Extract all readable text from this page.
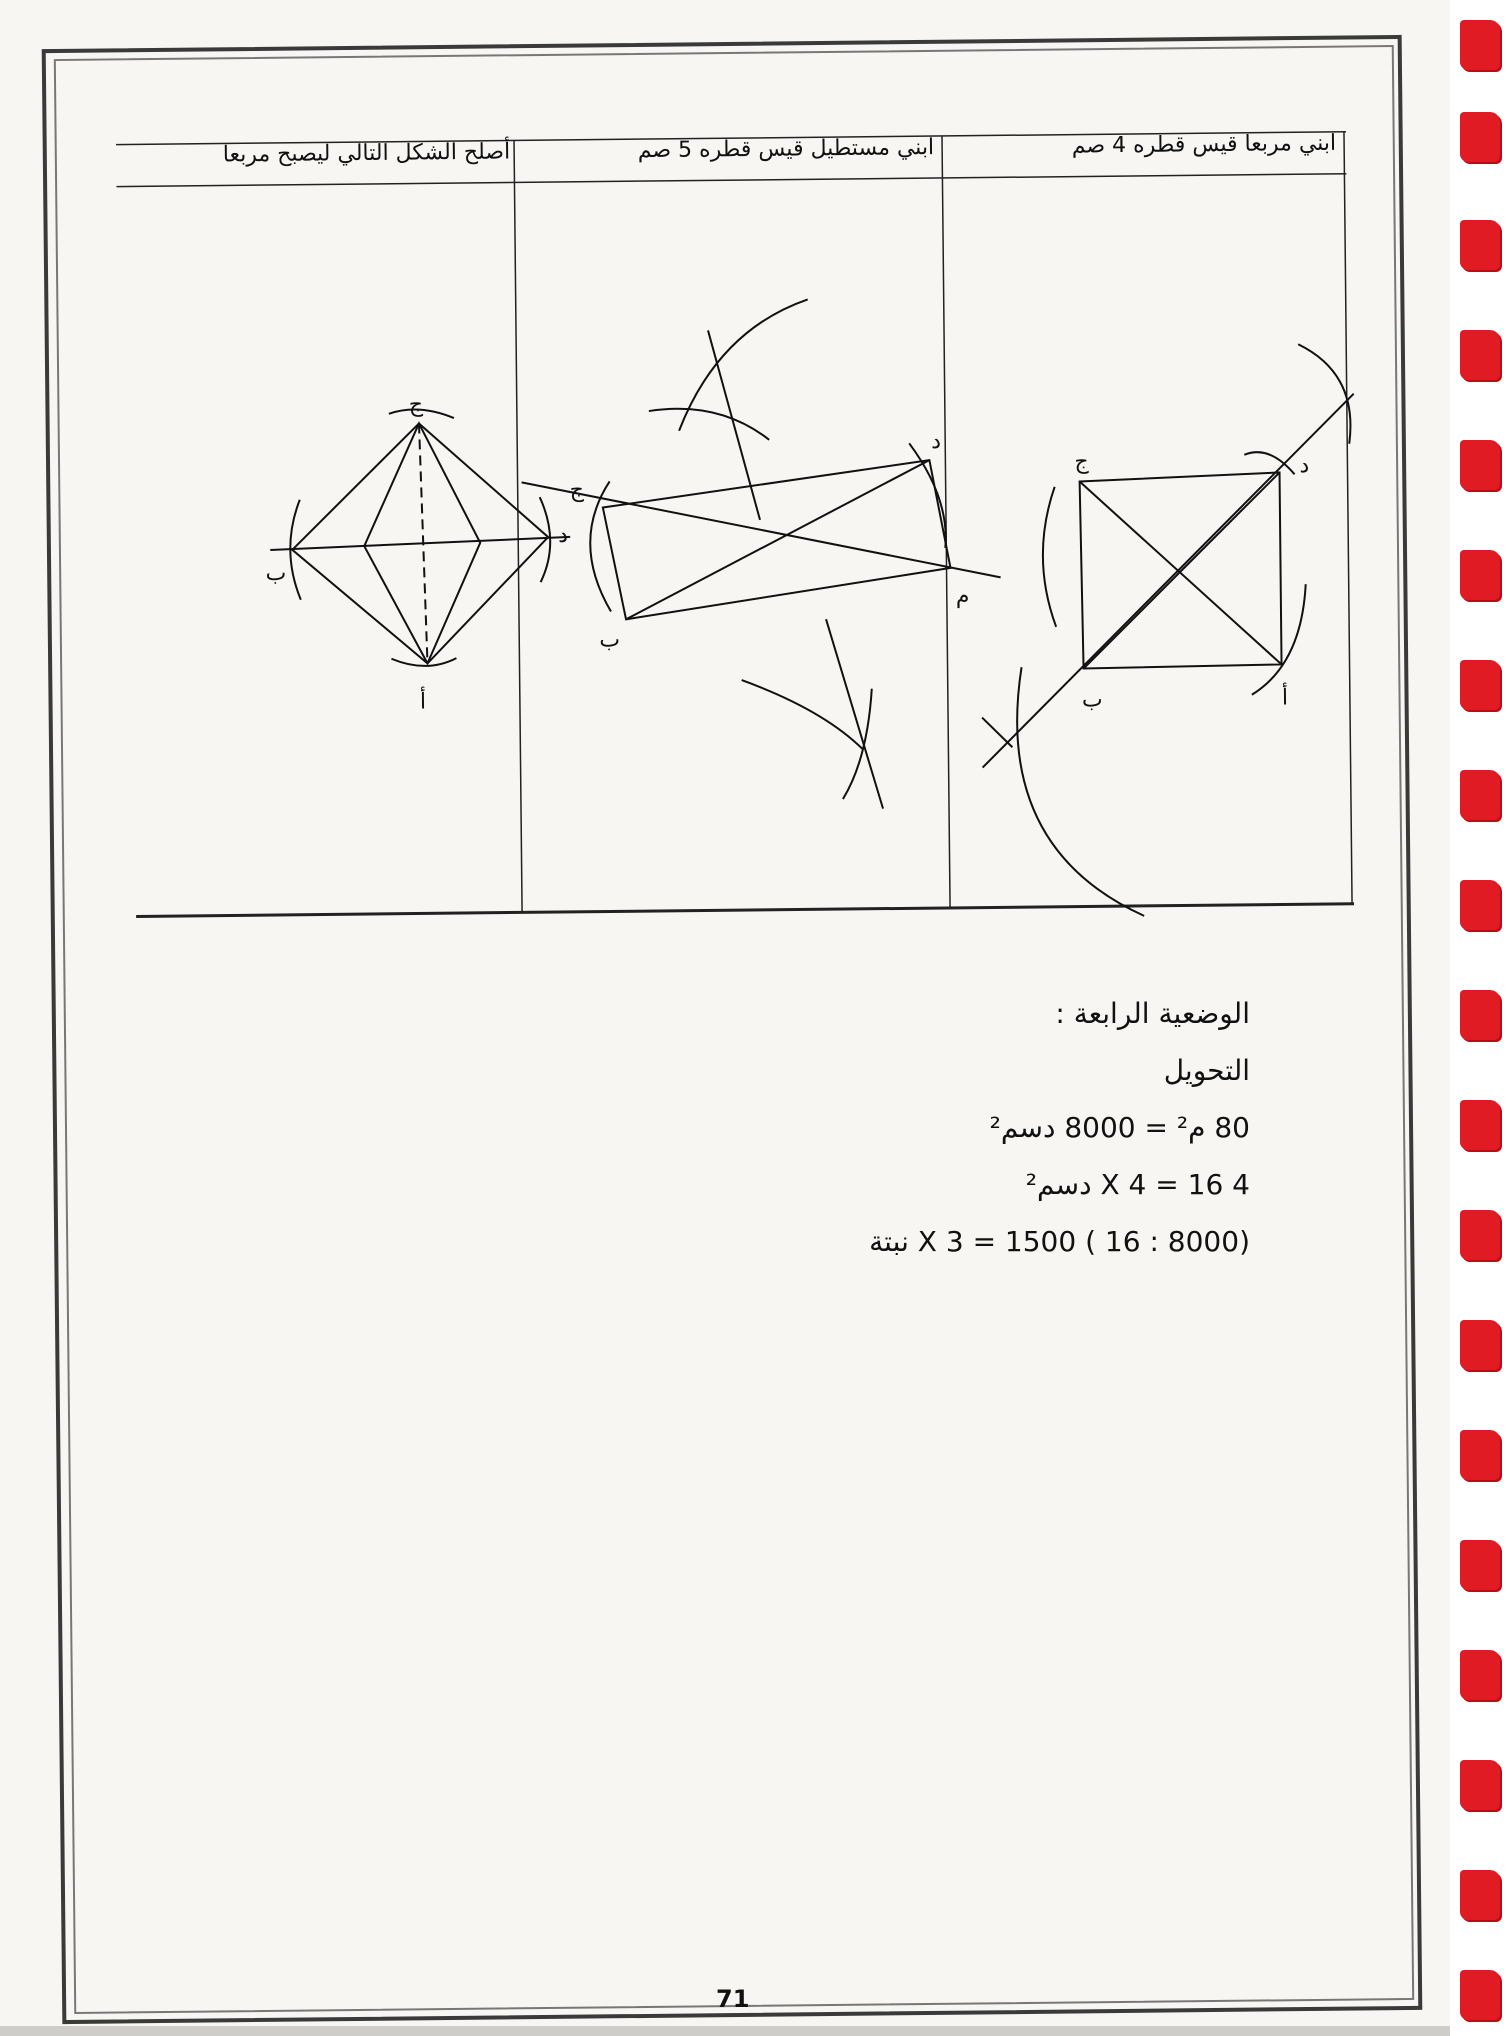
ج	د
أ
ب
ج
د
م
ب
ج
د
أ
ب
ابني مربعا قيس قطره 4 صم
ابني مستطيل قيس قطره 5 صم
أصلح الشكل التالي ليصبح مربعا
الوضعية الرابعة :
التحويل
80 م² = 8000 دسم²
4 X 4 = 16 دسم²
(8000 : 16 ) X 3 = 1500 نبتة
71
